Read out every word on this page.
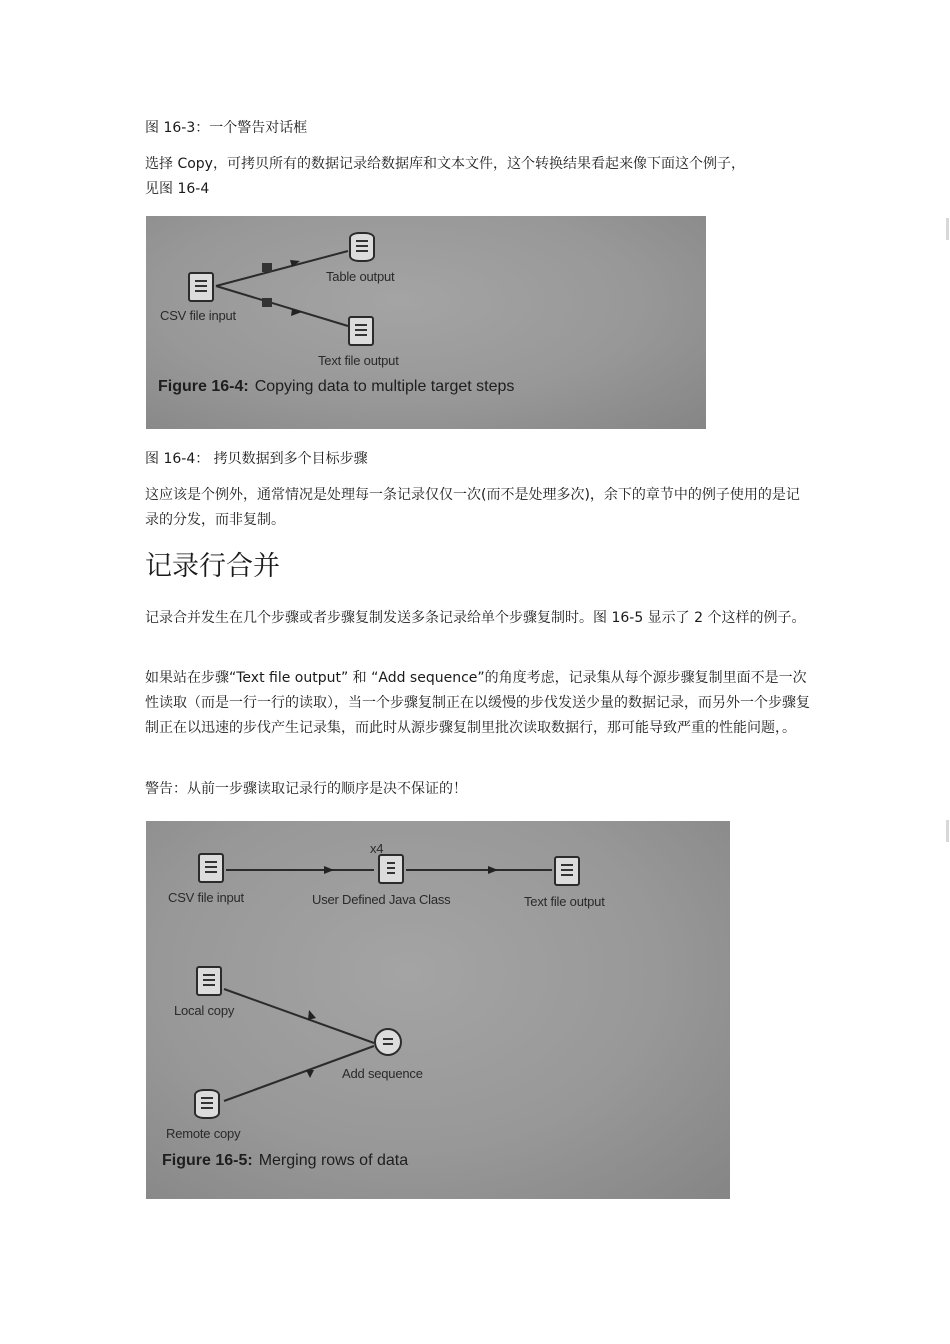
图 16-3：一个警告对话框

选择 Copy，可拷贝所有的数据记录给数据库和文本文件，这个转换结果看起来像下面这个例子，

见图 16-4

CSV file input
Table output
Text file output
Figure 16-4: Copying data to multiple target steps

图 16-4： 拷贝数据到多个目标步骤

这应该是个例外，通常情况是处理每一条记录仅仅一次(而不是处理多次)，余下的章节中的例子使用的是记录的分发，而非复制。

记录行合并

记录合并发生在几个步骤或者步骤复制发送多条记录给单个步骤复制时。图 16-5 显示了 2 个这样的例子。

如果站在步骤“Text file output” 和 “Add sequence”的角度考虑，记录集从每个源步骤复制里面不是一次性读取（而是一行一行的读取），当一个步骤复制正在以缓慢的步伐发送少量的数据记录，而另外一个步骤复制正在以迅速的步伐产生记录集，而此时从源步骤复制里批次读取数据行，那可能导致严重的性能问题，。

警告：从前一步骤读取记录行的顺序是决不保证的！

x4
CSV file input	User Defined Java Class	Text file output
Local copy
Add sequence
Remote copy
Figure 16-5: Merging rows of data
